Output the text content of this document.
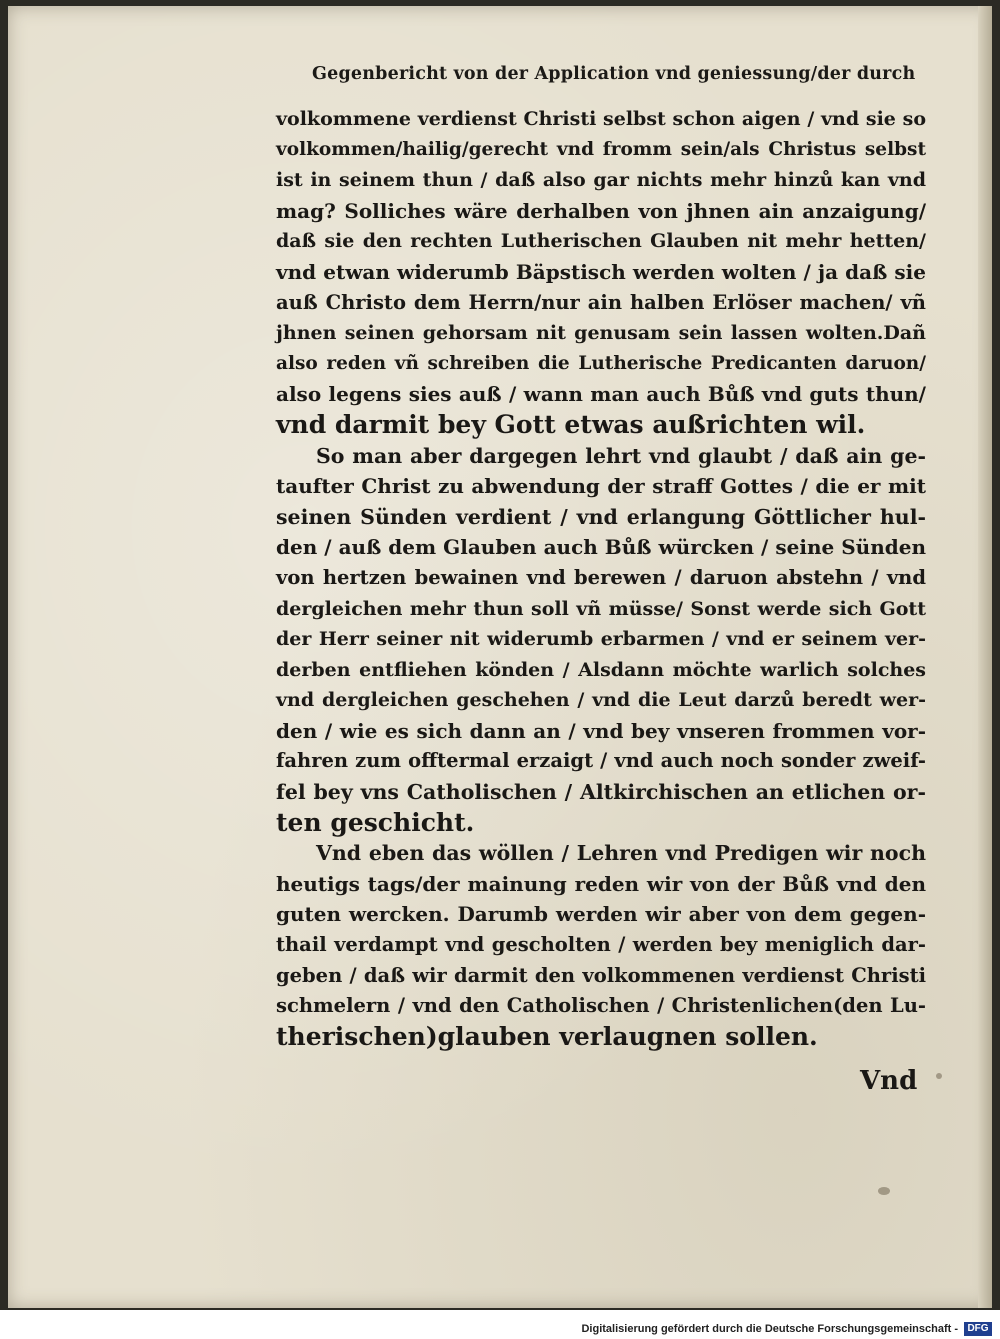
Gegenbericht von der Application vnd geniessung/der durch
volkommene verdienst Christi selbst schon aigen / vnd sie so
volkommen/hailig/gerecht vnd fromm sein/als Christus selbst
ist in seinem thun / daß also gar nichts mehr hinzů kan vnd
mag? Solliches wäre derhalben von jhnen ain anzaigung/
daß sie den rechten Lutherischen Glauben nit mehr hetten/
vnd etwan widerumb Bäpstisch werden wolten / ja daß sie
auß Christo dem Herrn/nur ain halben Erlöser machen/ vñ
jhnen seinen gehorsam nit genusam sein lassen wolten.Dañ
also reden vñ schreiben die Lutherische Predicanten daruon/
also legens sies auß / wann man auch Bůß vnd guts thun/
vnd darmit bey Gott etwas außrichten wil.
So man aber dargegen lehrt vnd glaubt / daß ain ge-
taufter Christ zu abwendung der straff Gottes / die er mit
seinen Sünden verdient / vnd erlangung Göttlicher hul-
den / auß dem Glauben auch Bůß würcken / seine Sünden
von hertzen bewainen vnd berewen / daruon abstehn / vnd
dergleichen mehr thun soll vñ müsse/ Sonst werde sich Gott
der Herr seiner nit widerumb erbarmen / vnd er seinem ver-
derben entfliehen könden / Alsdann möchte warlich solches
vnd dergleichen geschehen / vnd die Leut darzů beredt wer-
den / wie es sich dann an / vnd bey vnseren frommen vor-
fahren zum offtermal erzaigt / vnd auch noch sonder zweif-
fel bey vns Catholischen / Altkirchischen an etlichen or-
ten geschicht.
Vnd eben das wöllen / Lehren vnd Predigen wir noch
heutigs tags/der mainung reden wir von der Bůß vnd den
guten wercken. Darumb werden wir aber von dem gegen-
thail verdampt vnd gescholten / werden bey meniglich dar-
geben / daß wir darmit den volkommenen verdienst Christi
schmelern / vnd den Catholischen / Christenlichen(den Lu-
therischen)glauben verlaugnen sollen.
Vnd
Digitalisierung gefördert durch die Deutsche Forschungsgemeinschaft - DFG
